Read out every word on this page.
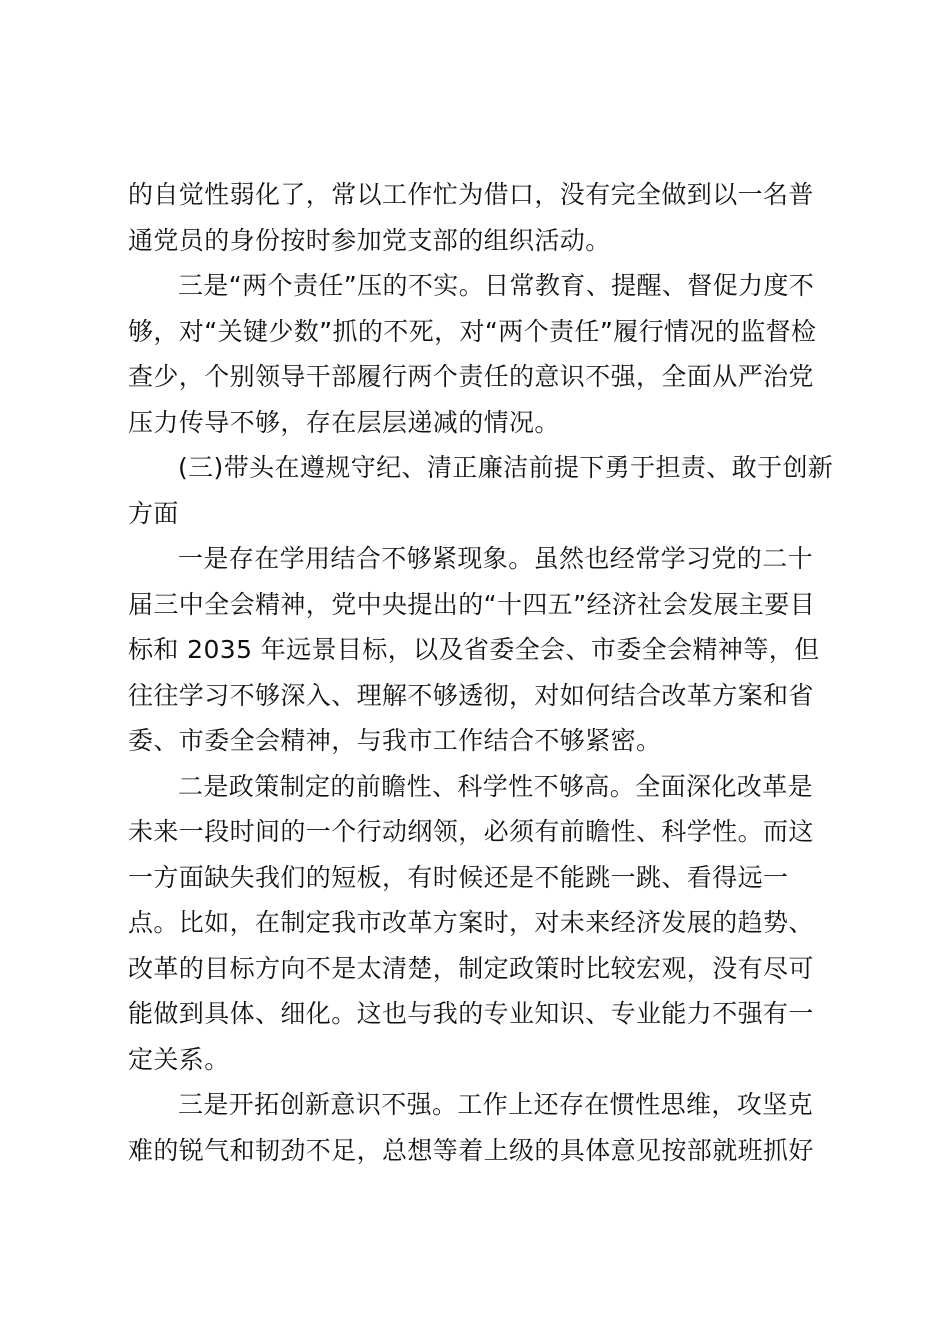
的自觉性弱化了，常以工作忙为借口，没有完全做到以一名普
通党员的身份按时参加党支部的组织活动。
三是“两个责任”压的不实。日常教育、提醒、督促力度不
够，对“关键少数”抓的不死，对“两个责任”履行情况的监督检
查少，个别领导干部履行两个责任的意识不强，全面从严治党
压力传导不够，存在层层递减的情况。
(三)带头在遵规守纪、清正廉洁前提下勇于担责、敢于创新
方面
一是存在学用结合不够紧现象。虽然也经常学习党的二十
届三中全会精神，党中央提出的“十四五”经济社会发展主要目
标和 2035 年远景目标，以及省委全会、市委全会精神等，但
往往学习不够深入、理解不够透彻，对如何结合改革方案和省
委、市委全会精神，与我市工作结合不够紧密。
二是政策制定的前瞻性、科学性不够高。全面深化改革是
未来一段时间的一个行动纲领，必须有前瞻性、科学性。而这
一方面缺失我们的短板，有时候还是不能跳一跳、看得远一
点。比如，在制定我市改革方案时，对未来经济发展的趋势、
改革的目标方向不是太清楚，制定政策时比较宏观，没有尽可
能做到具体、细化。这也与我的专业知识、专业能力不强有一
定关系。
三是开拓创新意识不强。工作上还存在惯性思维，攻坚克
难的锐气和韧劲不足，总想等着上级的具体意见按部就班抓好
